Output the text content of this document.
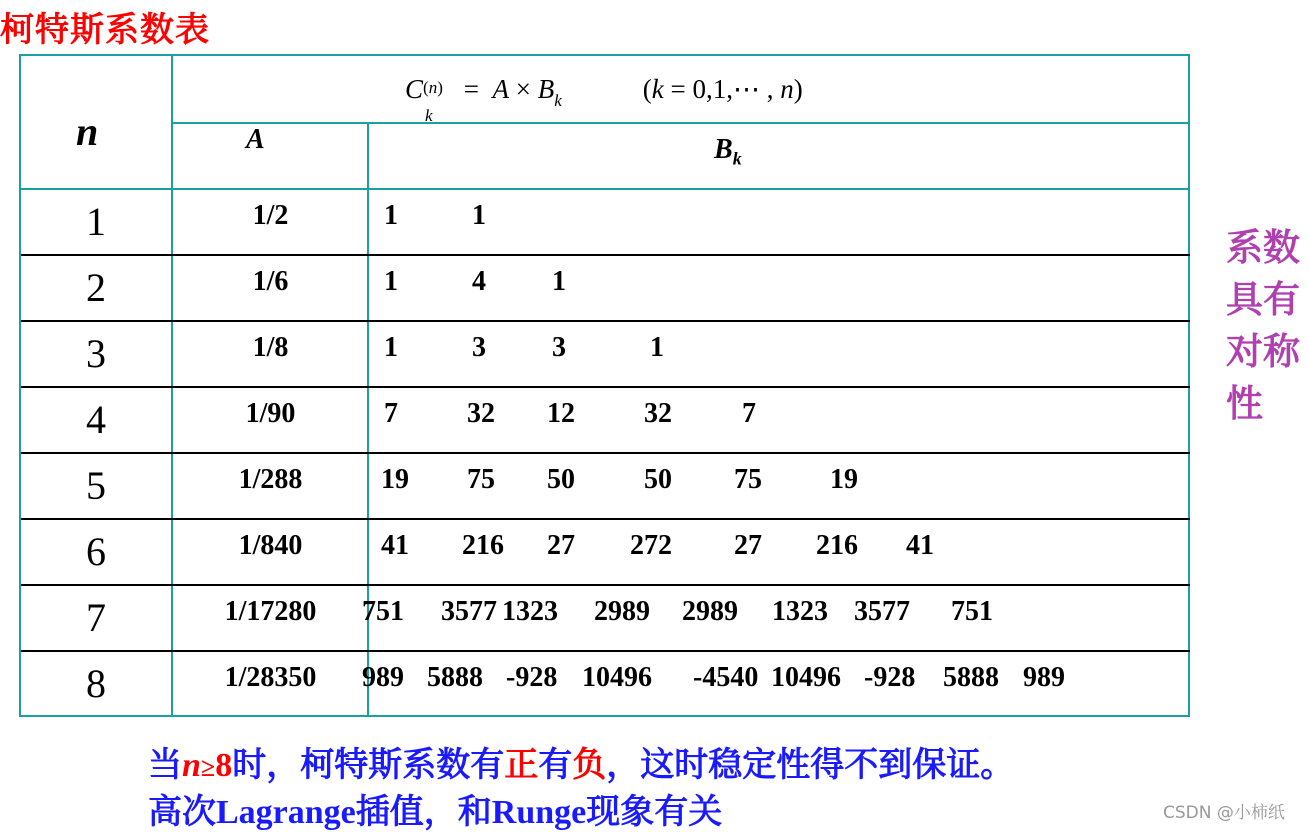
柯特斯系数表
n
C (n)
k
=  $A \times B_k$            (k = 0,1,⋯ , n)
A	$B_k$
1	1/2	1	1
2	1/6	1	4 1
3	1/8	1	3 3	1
4	1/90	7 32 12 32	7
5	1/288	19 75 50 50 75 19
6	1/840	41 216 27 272 27 216 41
7	1/17280	751 3577 1323 2989 2989 1323 3577 751
8	1/28350	989 5888 -928 10496 -4540 10496 -928 5888 989
系数具有对称性
当n≥8时，柯特斯系数有正有负，这时稳定性得不到保证。
高次Lagrange插值，和Runge现象有关	CSDN @小柿纸
